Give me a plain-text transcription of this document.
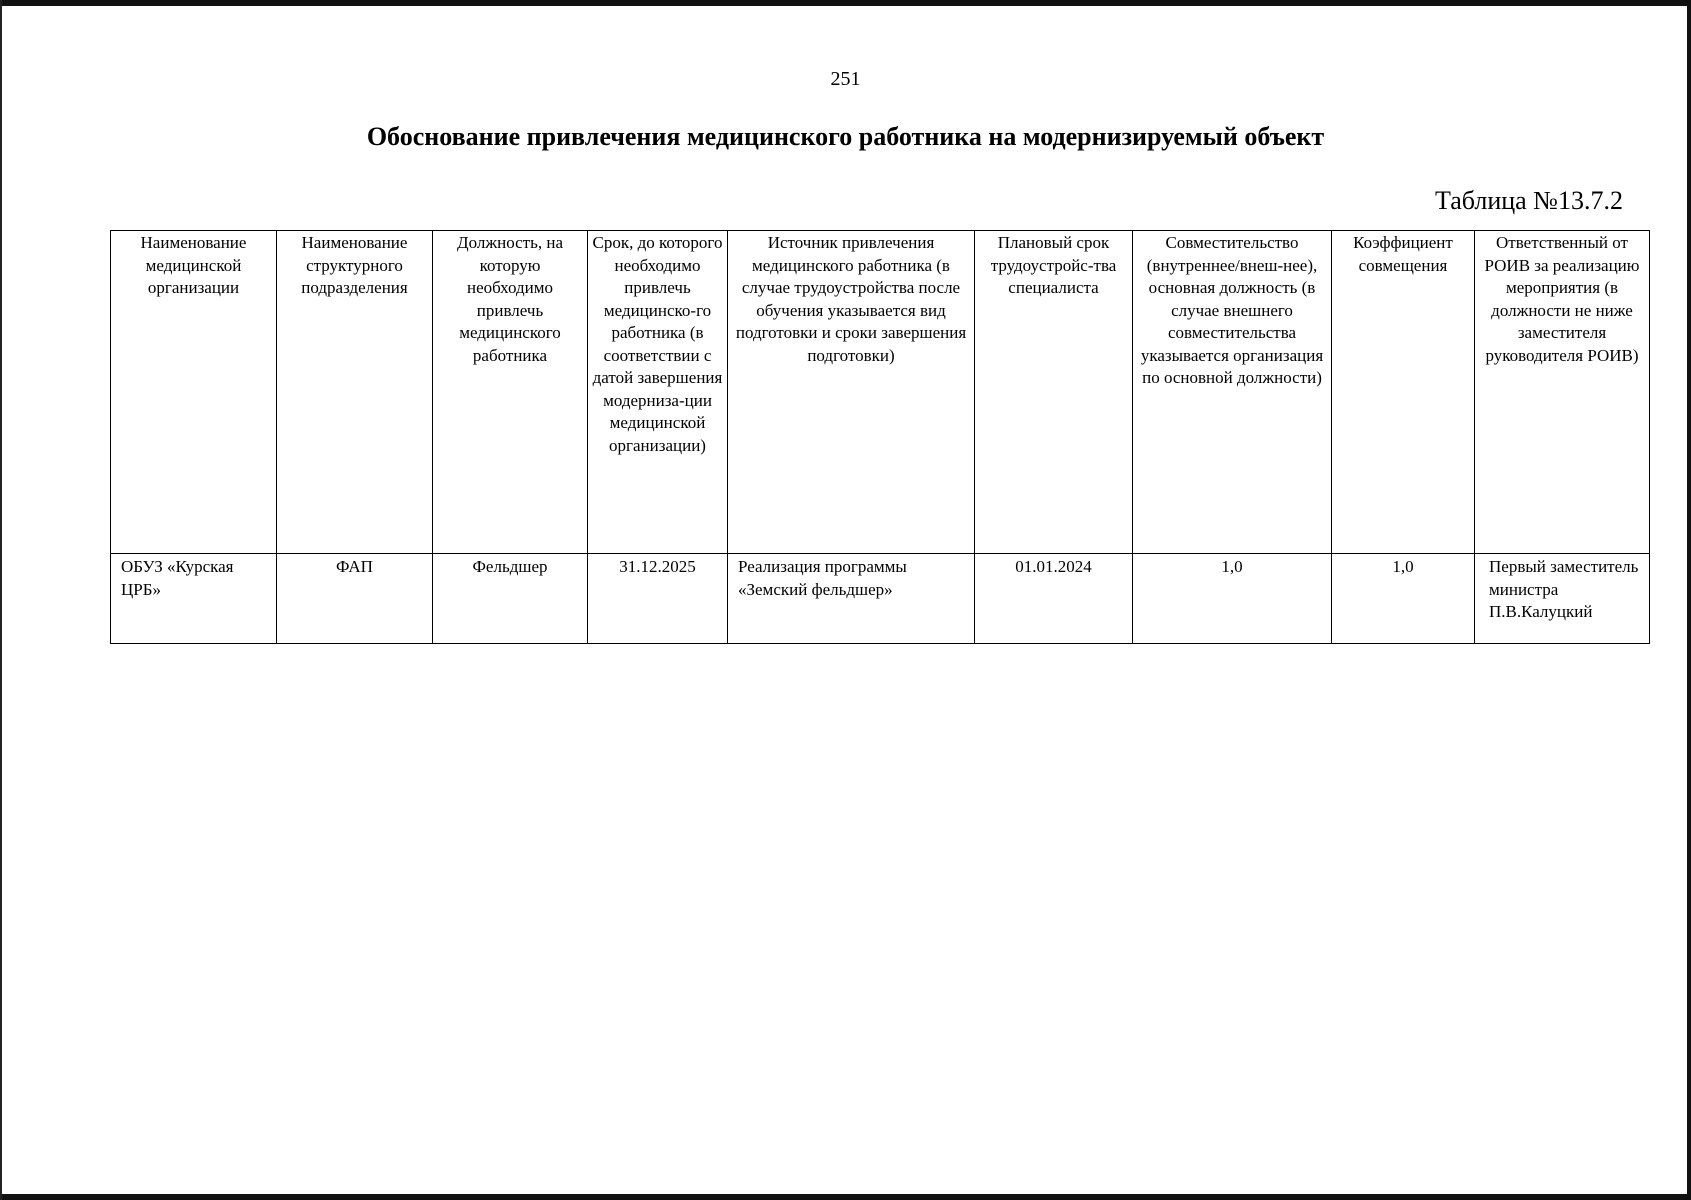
251
Обоснование привлечения медицинского работника на модернизируемый объект
Таблица №13.7.2
Наименование медицинской организации	Наименование структурного подразделения	Должность, на которую необходимо привлечь медицинского работника	Срок, до которого необходимо привлечь медицинско-го работника (в соответствии с датой завершения модерниза-ции медицинской организации)	Источник привлечения медицинского работника (в случае трудоустройства после обучения указывается вид подготовки и сроки завершения подготовки)	Плановый срок трудоустройс-тва специалиста	Совместительство (внутреннее/внеш-нее), основная должность (в случае внешнего совместительства указывается организация по основной должности)	Коэффициент совмещения	Ответственный от РОИВ за реализацию мероприятия (в должности не ниже заместителя руководителя РОИВ)
ОБУЗ «Курская ЦРБ»	ФАП	Фельдшер	31.12.2025	Реализация программы «Земский фельдшер»	01.01.2024	1,0	1,0	Первый заместитель министра П.В.Калуцкий
